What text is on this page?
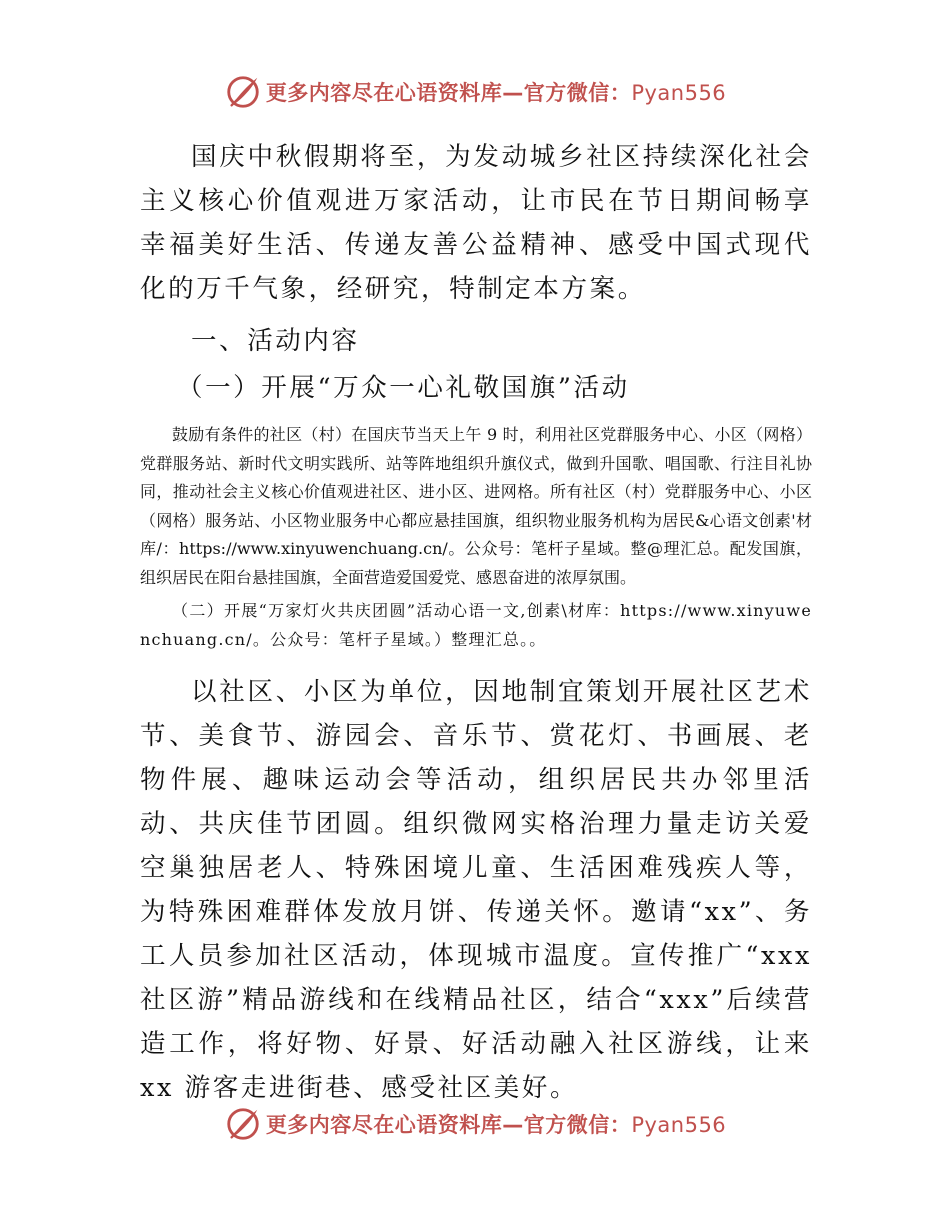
更多内容尽在心语资料库—官方微信：Pyan556

国庆中秋假期将至，为发动城乡社区持续深化社会主义核心价值观进万家活动，让市民在节日期间畅享幸福美好生活、传递友善公益精神、感受中国式现代化的万千气象，经研究，特制定本方案。

一、活动内容

（一）开展“万众一心礼敬国旗”活动

鼓励有条件的社区（村）在国庆节当天上午 9 时，利用社区党群服务中心、小区（网格）党群服务站、新时代文明实践所、站等阵地组织升旗仪式，做到升国歌、唱国歌、行注目礼协同，推动社会主义核心价值观进社区、进小区、进网格。所有社区（村）党群服务中心、小区（网格）服务站、小区物业服务中心都应悬挂国旗，组织物业服务机构为居民&心语文创素'材库/：https://www.xinyuwenchuang.cn/。公众号：笔杆子星域。整@理汇总。配发国旗，组织居民在阳台悬挂国旗，全面营造爱国爱党、感恩奋进的浓厚氛围。

（二）开展“万家灯火共庆团圆”活动心语一文,创素\材库：https://www.xinyuwenchuang.cn/。公众号：笔杆子星域。）整理汇总。。

以社区、小区为单位，因地制宜策划开展社区艺术节、美食节、游园会、音乐节、赏花灯、书画展、老物件展、趣味运动会等活动，组织居民共办邻里活动、共庆佳节团圆。组织微网实格治理力量走访关爱空巢独居老人、特殊困境儿童、生活困难残疾人等，为特殊困难群体发放月饼、传递关怀。邀请“xx”、务工人员参加社区活动，体现城市温度。宣传推广“xxx 社区游”精品游线和在线精品社区，结合“xxx”后续营造工作，将好物、好景、好活动融入社区游线，让来 xx 游客走进街巷、感受社区美好。

更多内容尽在心语资料库—官方微信：Pyan556
